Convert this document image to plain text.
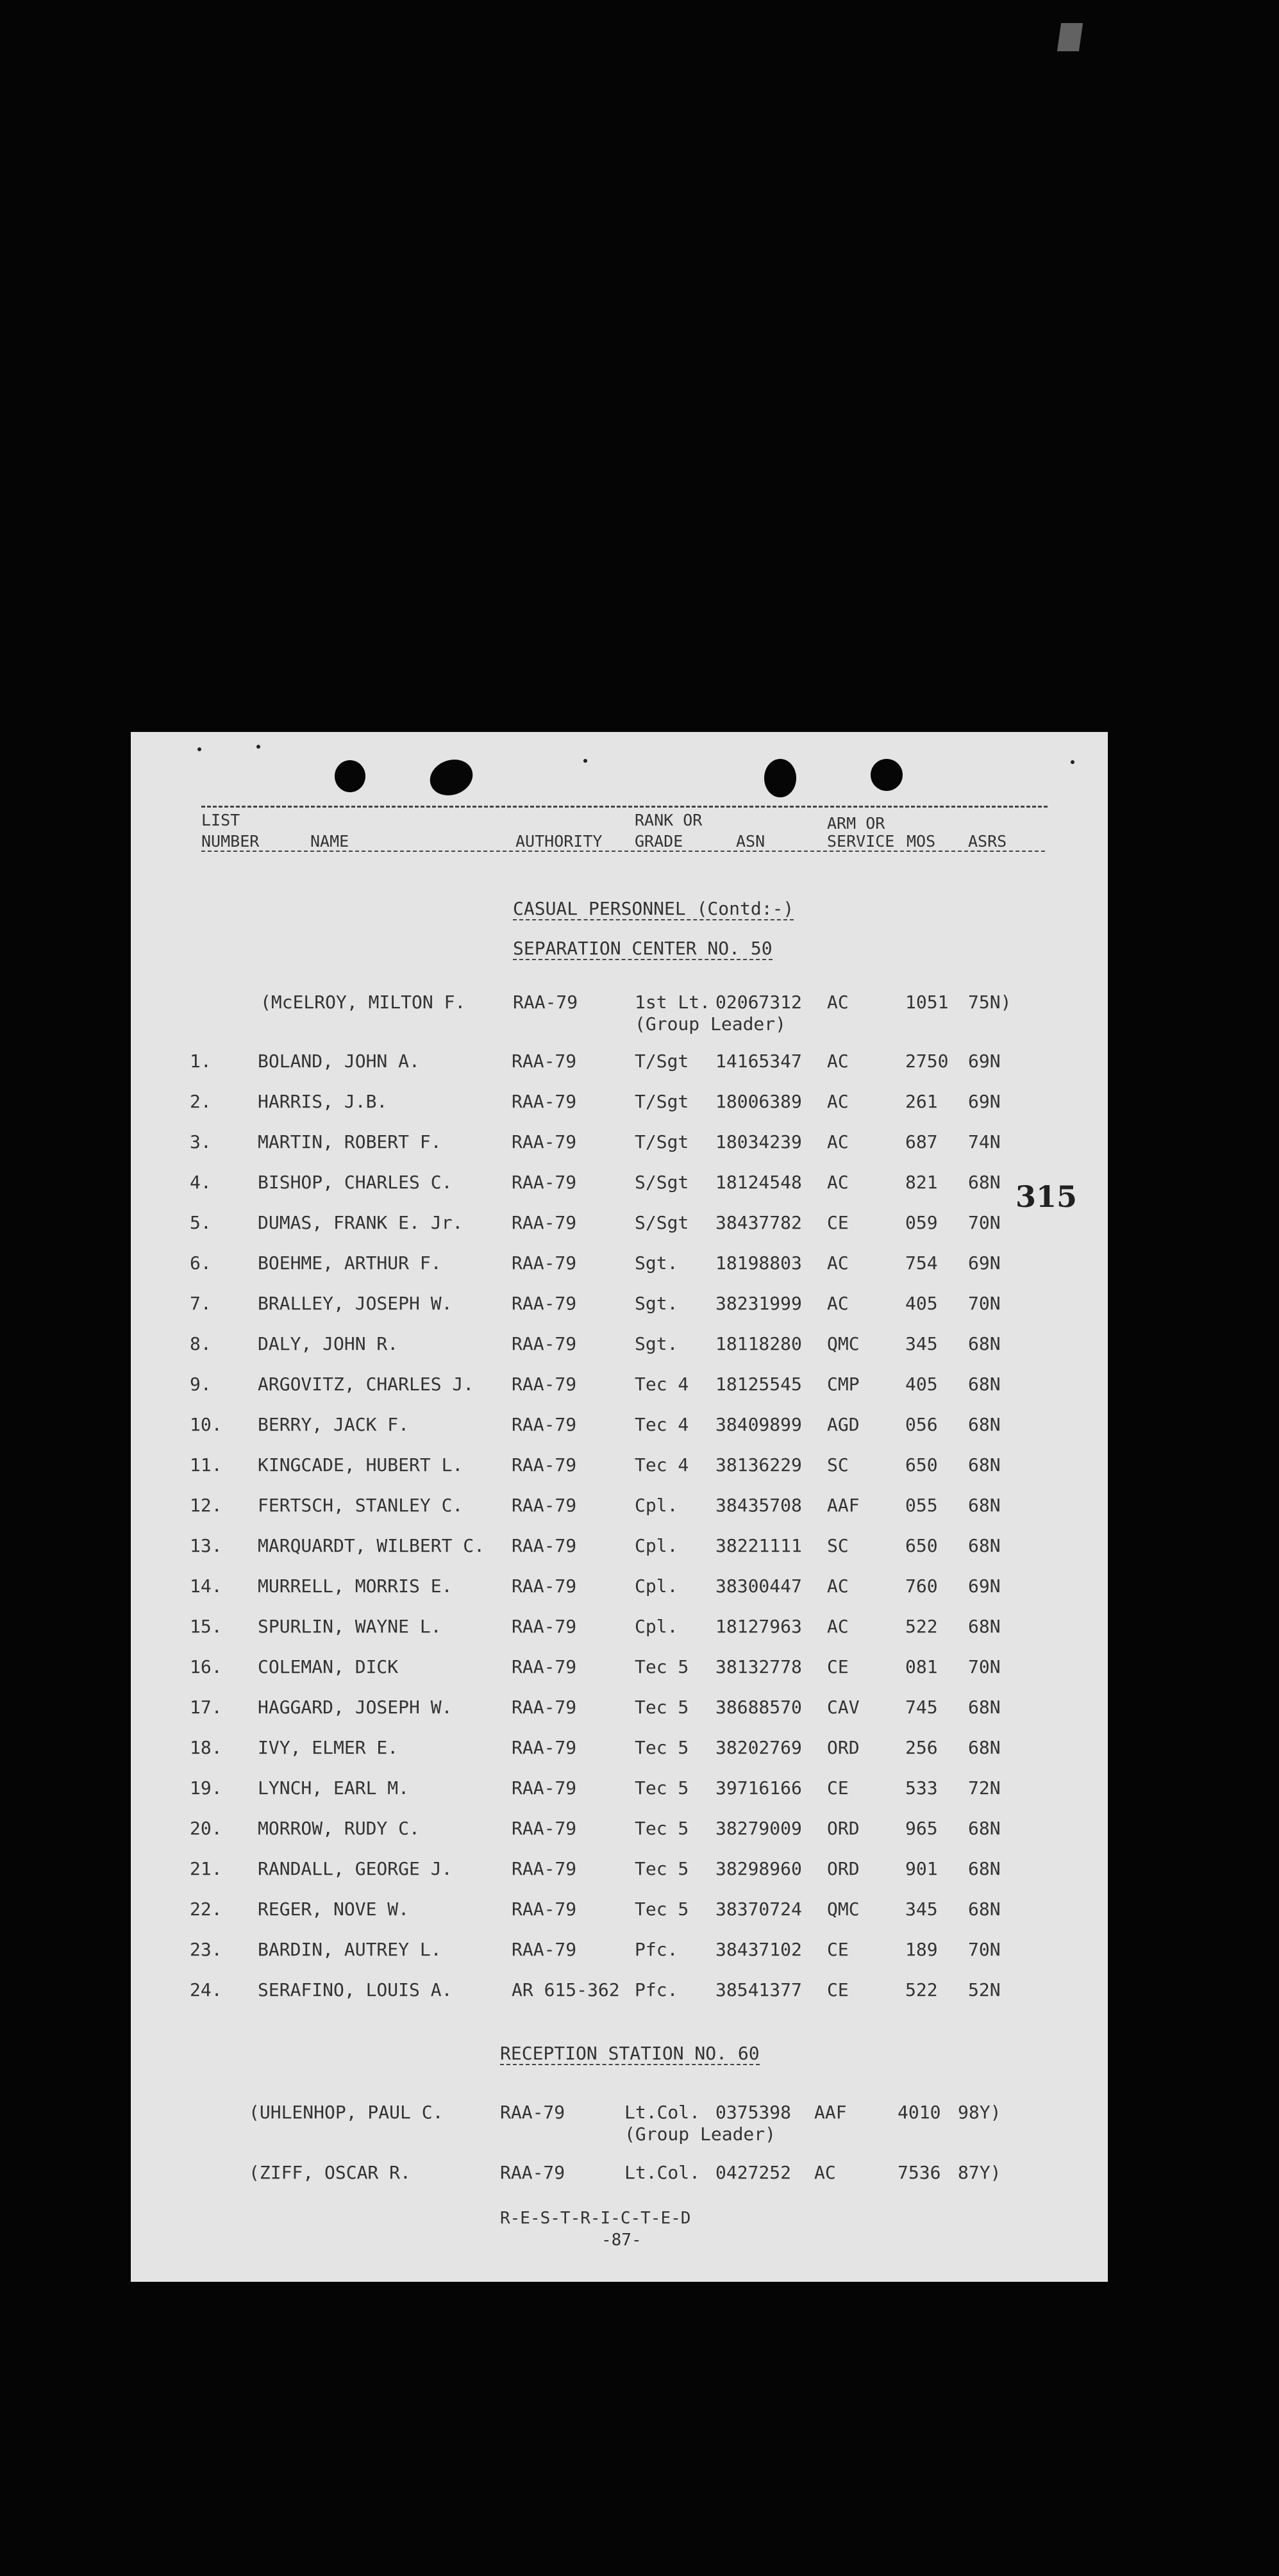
LIST
NUMBER	NAME	AUTHORITY
RANK OR
GRADE	ASN
ARM OR
SERVICE MOS ASRS
CASUAL PERSONNEL (Contd:-)
SEPARATION CENTER NO. 50
(McELROY, MILTON F.	RAA-79	1st Lt. 02067312 AC	1051 75N)
(Group Leader)
1.	BOLAND, JOHN A.	RAA-79	T/Sgt 14165347 AC	2750 69N
2.	HARRIS, J.B.	RAA-79	T/Sgt 18006389 AC	261 69N
3.	MARTIN, ROBERT F.	RAA-79	T/Sgt 18034239 AC	687 74N
4.	BISHOP, CHARLES C.	RAA-79	S/Sgt 18124548 AC	821 68N
5.	DUMAS, FRANK E. Jr.	RAA-79	S/Sgt 38437782 CE	059 70N
6.	BOEHME, ARTHUR F.	RAA-79	Sgt. 18198803 AC	754 69N
7.	BRALLEY, JOSEPH W.	RAA-79	Sgt. 38231999 AC	405 70N
8.	DALY, JOHN R.	RAA-79	Sgt. 18118280 QMC	345 68N
9.	ARGOVITZ, CHARLES J. RAA-79	Tec 4 18125545 CMP	405 68N
10. BERRY, JACK F.	RAA-79	Tec 4 38409899 AGD	056 68N
11. KINGCADE, HUBERT L.	RAA-79	Tec 4 38136229 SC	650 68N
12. FERTSCH, STANLEY C.	RAA-79	Cpl. 38435708 AAF	055 68N
13. MARQUARDT, WILBERT C. RAA-79	Cpl. 38221111 SC	650 68N
14. MURRELL, MORRIS E.	RAA-79	Cpl. 38300447 AC	760 69N
15. SPURLIN, WAYNE L.	RAA-79	Cpl. 18127963 AC	522 68N
16. COLEMAN, DICK	RAA-79	Tec 5 38132778 CE	081 70N
17. HAGGARD, JOSEPH W.	RAA-79	Tec 5 38688570 CAV	745 68N
18. IVY, ELMER E.	RAA-79	Tec 5 38202769 ORD	256 68N
19. LYNCH, EARL M.	RAA-79	Tec 5 39716166 CE	533 72N
20. MORROW, RUDY C.	RAA-79	Tec 5 38279009 ORD	965 68N
21. RANDALL, GEORGE J.	RAA-79	Tec 5 38298960 ORD	901 68N
22. REGER, NOVE W.	RAA-79	Tec 5 38370724 QMC	345 68N
23. BARDIN, AUTREY L.	RAA-79	Pfc. 38437102 CE	189 70N
24. SERAFINO, LOUIS A.	AR 615-362 Pfc. 38541377 CE	522 52N
RECEPTION STATION NO. 60
(UHLENHOP, PAUL C.	RAA-79	Lt.Col. 0375398 AAF	4010 98Y)
(Group Leader)
(ZIFF, OSCAR R.	RAA-79	Lt.Col. 0427252 AC	7536 87Y)
R-E-S-T-R-I-C-T-E-D
-87-
315
